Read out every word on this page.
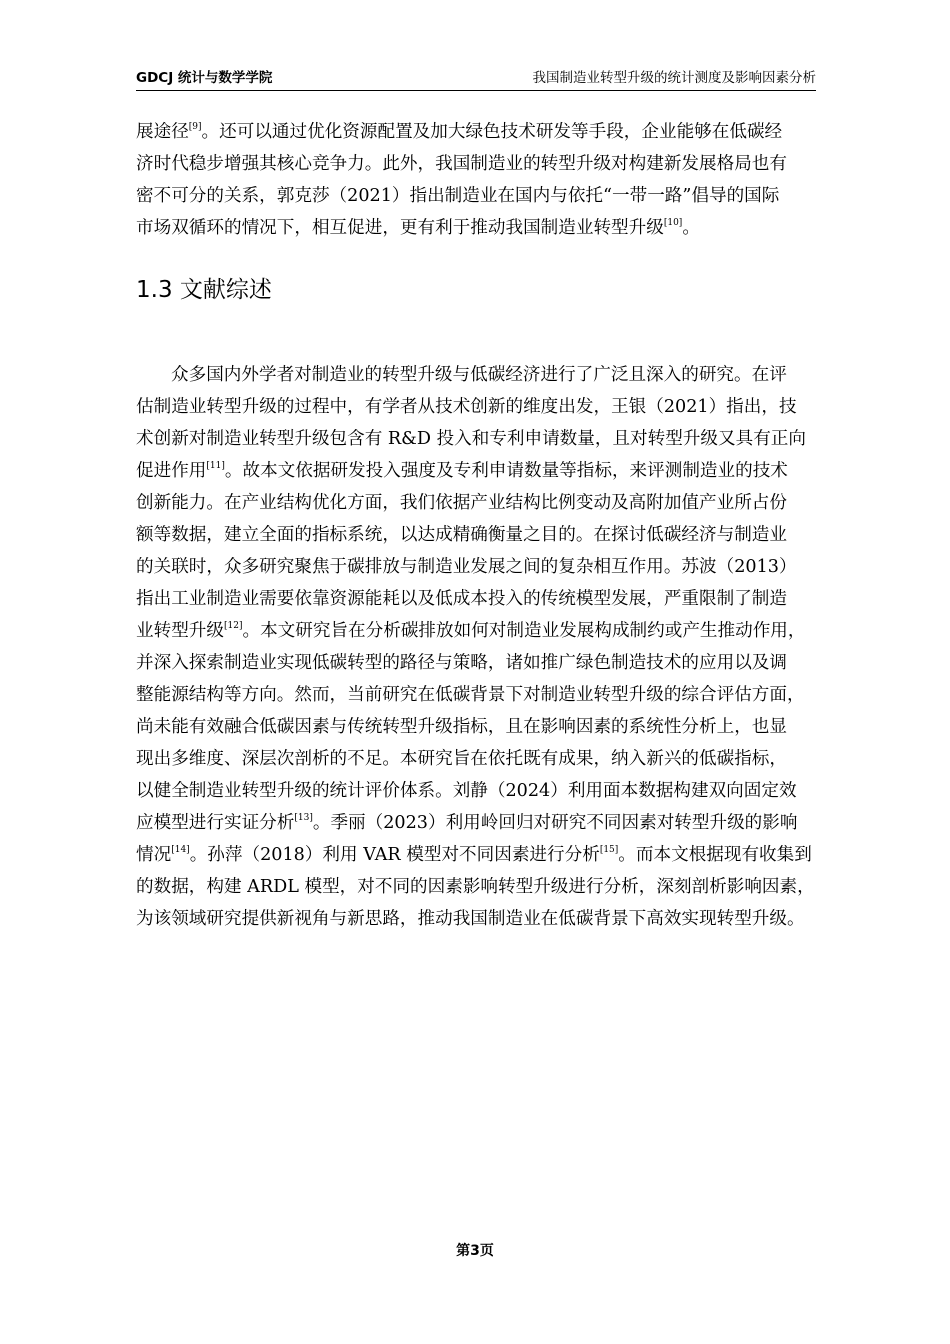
GDCJ 统计与数学学院	我国制造业转型升级的统计测度及影响因素分析
展途径[9]。还可以通过优化资源配置及加大绿色技术研发等手段，企业能够在低碳经
济时代稳步增强其核心竞争力。此外，我国制造业的转型升级对构建新发展格局也有
密不可分的关系，郭克莎（2021）指出制造业在国内与依托“一带一路”倡导的国际
市场双循环的情况下，相互促进，更有利于推动我国制造业转型升级[10]。
1.3 文献综述
众多国内外学者对制造业的转型升级与低碳经济进行了广泛且深入的研究。在评
估制造业转型升级的过程中，有学者从技术创新的维度出发，王银（2021）指出，技
术创新对制造业转型升级包含有 R&D 投入和专利申请数量，且对转型升级又具有正向
促进作用[11]。故本文依据研发投入强度及专利申请数量等指标，来评测制造业的技术
创新能力。在产业结构优化方面，我们依据产业结构比例变动及高附加值产业所占份
额等数据，建立全面的指标系统，以达成精确衡量之目的。在探讨低碳经济与制造业
的关联时，众多研究聚焦于碳排放与制造业发展之间的复杂相互作用。苏波（2013）
指出工业制造业需要依靠资源能耗以及低成本投入的传统模型发展，严重限制了制造
业转型升级[12]。本文研究旨在分析碳排放如何对制造业发展构成制约或产生推动作用，
并深入探索制造业实现低碳转型的路径与策略，诸如推广绿色制造技术的应用以及调
整能源结构等方向。然而，当前研究在低碳背景下对制造业转型升级的综合评估方面，
尚未能有效融合低碳因素与传统转型升级指标，且在影响因素的系统性分析上，也显
现出多维度、深层次剖析的不足。本研究旨在依托既有成果，纳入新兴的低碳指标，
以健全制造业转型升级的统计评价体系。刘静（2024）利用面本数据构建双向固定效
应模型进行实证分析[13]。季丽（2023）利用岭回归对研究不同因素对转型升级的影响
情况[14]。孙萍（2018）利用 VAR 模型对不同因素进行分析[15]。而本文根据现有收集到
的数据，构建 ARDL 模型，对不同的因素影响转型升级进行分析，深刻剖析影响因素，
为该领域研究提供新视角与新思路，推动我国制造业在低碳背景下高效实现转型升级。
第3页
